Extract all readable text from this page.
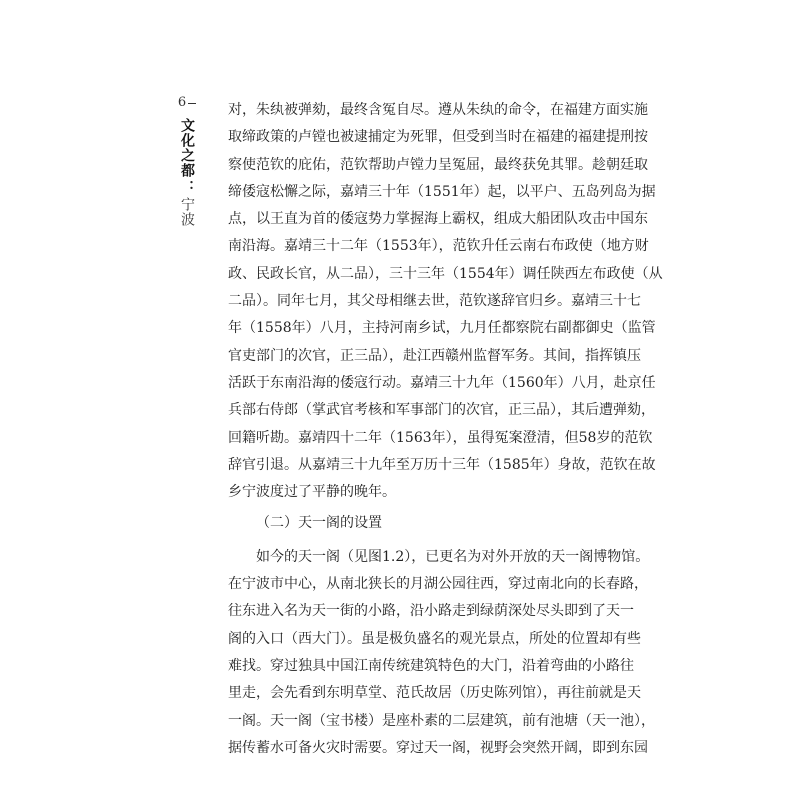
6
文化之都
：
宁波
对，朱纨被弹劾，最终含冤自尽。遵从朱纨的命令，在福建方面实施
取缔政策的卢镗也被逮捕定为死罪，但受到当时在福建的福建提刑按
察使范钦的庇佑，范钦帮助卢镗力呈冤屈，最终获免其罪。趁朝廷取
缔倭寇松懈之际，嘉靖三十年（1551年）起，以平户、五岛列岛为据
点，以王直为首的倭寇势力掌握海上霸权，组成大船团队攻击中国东
南沿海。嘉靖三十二年（1553年），范钦升任云南右布政使（地方财
政、民政长官，从二品），三十三年（1554年）调任陕西左布政使（从
二品）。同年七月，其父母相继去世，范钦遂辞官归乡。嘉靖三十七
年（1558年）八月，主持河南乡试，九月任都察院右副都御史（监管
官吏部门的次官，正三品），赴江西赣州监督军务。其间，指挥镇压
活跃于东南沿海的倭寇行动。嘉靖三十九年（1560年）八月，赴京任
兵部右侍郎（掌武官考核和军事部门的次官，正三品），其后遭弹劾，
回籍听勘。嘉靖四十二年（1563年），虽得冤案澄清，但58岁的范钦
辞官引退。从嘉靖三十九年至万历十三年（1585年）身故，范钦在故
乡宁波度过了平静的晚年。
（二）天一阁的设置
如今的天一阁（见图1.2），已更名为对外开放的天一阁博物馆。
在宁波市中心，从南北狭长的月湖公园往西，穿过南北向的长春路，
往东进入名为天一街的小路，沿小路走到绿荫深处尽头即到了天一
阁的入口（西大门）。虽是极负盛名的观光景点，所处的位置却有些
难找。穿过独具中国江南传统建筑特色的大门，沿着弯曲的小路往
里走，会先看到东明草堂、范氏故居（历史陈列馆），再往前就是天
一阁。天一阁（宝书楼）是座朴素的二层建筑，前有池塘（天一池），
据传蓄水可备火灾时需要。穿过天一阁，视野会突然开阔，即到东园
